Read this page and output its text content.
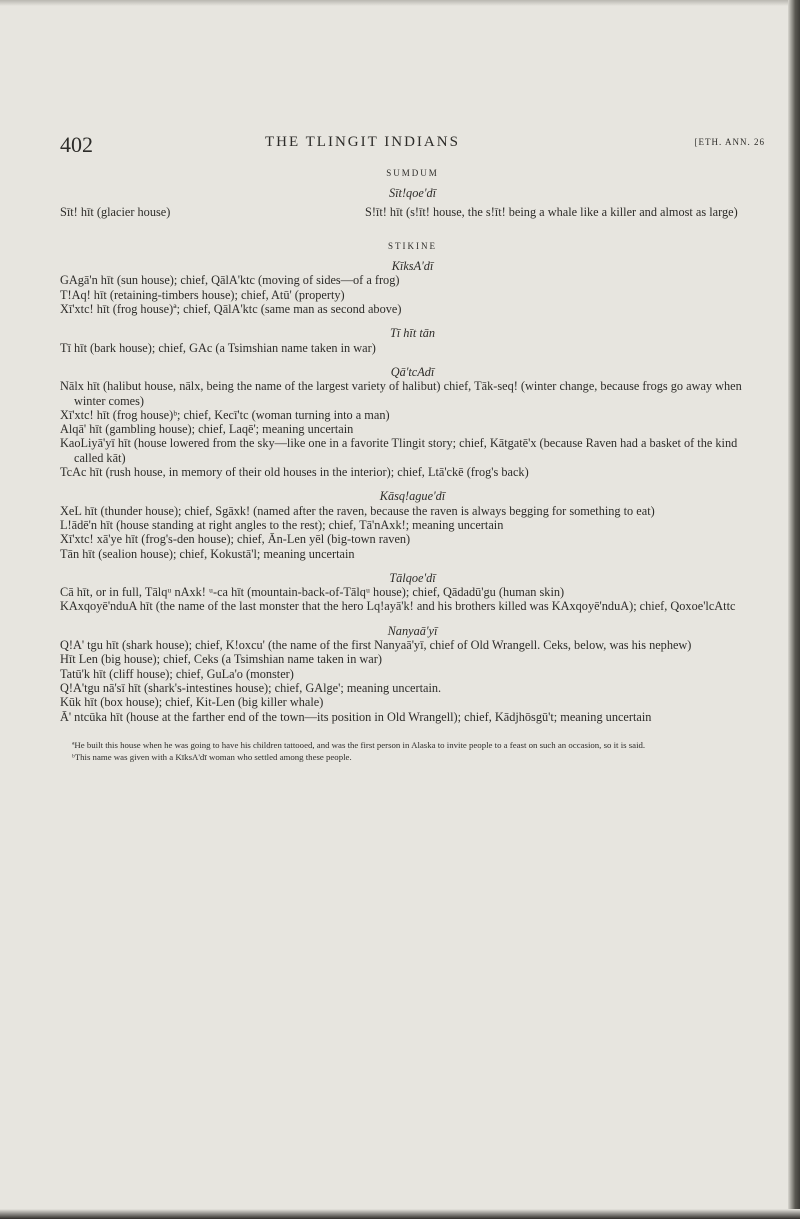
402	THE TLINGIT INDIANS	[ETH. ANN. 26

SUMDUM

Sīt!qoe'dī

Sīt! hīt (glacier house)	S!īt! hīt (s!īt! house, the s!īt! being a whale like a killer and almost as large)

STIKINE

KīksA'dī

GAgā'n hīt (sun house); chief, QālA'ktc (moving of sides—of a frog)

T!Aq! hīt (retaining-timbers house); chief, Atū' (property)

Xī'xtc! hīt (frog house)ª; chief, QālA'ktc (same man as second above)

Tī hīt tān

Tī hīt (bark house); chief, GAc (a Tsimshian name taken in war)

Qā'tcAdī

Nālx hīt (halibut house, nālx, being the name of the largest variety of halibut) chief, Tāk-seq! (winter change, because frogs go away when winter comes)

Xī'xtc! hīt (frog house)ᵇ; chief, Kecī'tc (woman turning into a man)

Alqā' hīt (gambling house); chief, Laqē'; meaning uncertain

KaoLiyā'yī hīt (house lowered from the sky—like one in a favorite Tlingit story; chief, Kātgatē'x (because Raven had a basket of the kind called kāt)

TcAc hīt (rush house, in memory of their old houses in the interior); chief, Ltā'ckē (frog's back)

Kāsq!ague'dī

XeL hīt (thunder house); chief, Sgāxk! (named after the raven, because the raven is always begging for something to eat)

L!ādē'n hīt (house standing at right angles to the rest); chief, Tā'nAxk!; meaning uncertain

Xī'xtc! xā'ye hīt (frog's-den house); chief, Ān-Len yēl (big-town raven)

Tān hīt (sealion house); chief, Kokustā'l; meaning uncertain

Tālqoe'dī

Cā hīt, or in full, Tālqᵘ nAxk! ᵘ-ca hīt (mountain-back-of-Tālqᵘ house); chief, Qādadū'gu (human skin)

KAxqoyē'nduA hīt (the name of the last monster that the hero Lq!ayā'k! and his brothers killed was KAxqoyē'nduA); chief, Qoxoe'lcAttc

Nanyaā'yī

Q!A' tgu hīt (shark house); chief, K!oxcu' (the name of the first Nanyaā'yī, chief of Old Wrangell. Ceks, below, was his nephew)

Hīt Len (big house); chief, Ceks (a Tsimshian name taken in war)

Tatū'k hīt (cliff house); chief, GuLa'o (monster)

Q!A'tgu nā'sī hīt (shark's-intestines house); chief, GAlge'; meaning uncertain.

Kūk hīt (box house); chief, Kit-Len (big killer whale)

Ā' ntcūka hīt (house at the farther end of the town—its position in Old Wrangell); chief, Kādjhōsgū't; meaning uncertain

ªHe built this house when he was going to have his children tattooed, and was the first person in Alaska to invite people to a feast on such an occasion, so it is said.

ᵇThis name was given with a KīksA'dī woman who settled among these people.
